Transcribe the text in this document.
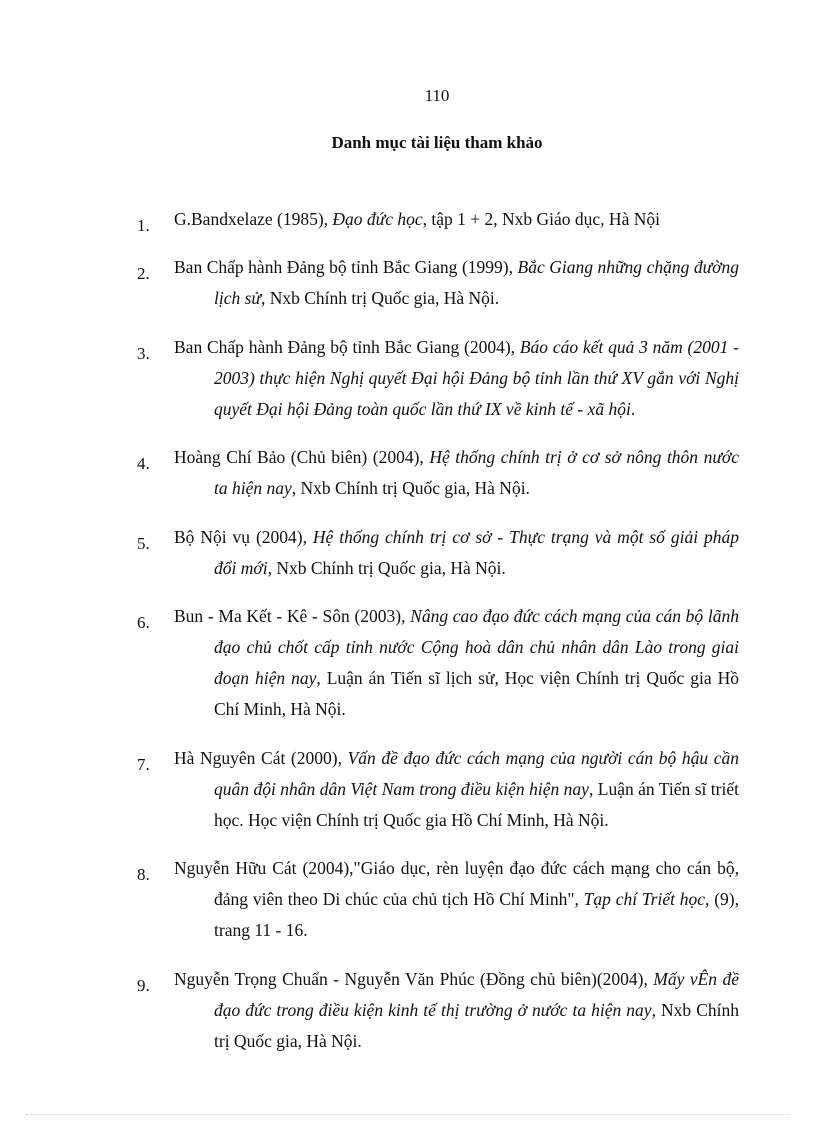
110
Danh mục tài liệu tham khảo
1. G.Bandxelaze (1985), Đạo đức học, tập 1 + 2, Nxb Giáo dục, Hà Nội

2. Ban Chấp hành Đảng bộ tỉnh Bắc Giang (1999), Bắc Giang những chặng đường lịch sử, Nxb Chính trị Quốc gia, Hà Nội.

3. Ban Chấp hành Đảng bộ tỉnh Bắc Giang (2004), Báo cáo kết quả 3 năm (2001 - 2003) thực hiện Nghị quyết Đại hội Đảng bộ tỉnh lần thứ XV gắn với Nghị quyết Đại hội Đảng toàn quốc lần thứ IX về kinh tế - xã hội.

4. Hoàng Chí Bảo (Chủ biên) (2004), Hệ thống chính trị ở cơ sở nông thôn nước ta hiện nay, Nxb Chính trị Quốc gia, Hà Nội.

5. Bộ Nội vụ (2004), Hệ thống chính trị cơ sở - Thực trạng và một số giải pháp đổi mới, Nxb Chính trị Quốc gia, Hà Nội.

6. Bun - Ma Kết - Kê - Sôn (2003), Nâng cao đạo đức cách mạng của cán bộ lãnh đạo chủ chốt cấp tỉnh nước Cộng hoà dân chủ nhân dân Lào trong giai đoạn hiện nay, Luận án Tiến sĩ lịch sử, Học viện Chính trị Quốc gia Hồ Chí Minh, Hà Nội.

7. Hà Nguyên Cát (2000), Vấn đề đạo đức cách mạng của người cán bộ hậu cần quân đội nhân dân Việt Nam trong điều kiện hiện nay, Luận án Tiến sĩ triết học. Học viện Chính trị Quốc gia Hồ Chí Minh, Hà Nội.

8. Nguyễn Hữu Cát (2004),"Giáo dục, rèn luyện đạo đức cách mạng cho cán bộ, đảng viên theo Di chúc của chủ tịch Hồ Chí Minh", Tạp chí Triết học, (9), trang 11 - 16.

9. Nguyễn Trọng Chuẩn - Nguyễn Văn Phúc (Đồng chủ biên)(2004), Mấy vÊn đề đạo đức trong điều kiện kinh tế thị trường ở nước ta hiện nay, Nxb Chính trị Quốc gia, Hà Nội.
